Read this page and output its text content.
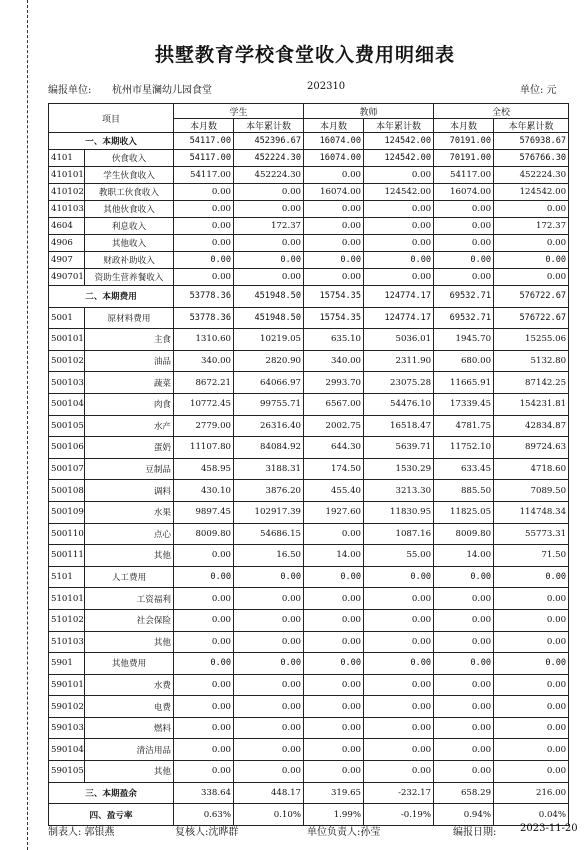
拱墅教育学校食堂收入费用明细表
编报单位: 杭州市星澜幼儿园食堂	202310	单位: 元
项目		学生		教师		全校	
		本月数	本年累计数	本月数	本年累计数	本月数	本年累计数
一、本期收入		54117.00	452396.67	16074.00	124542.00	70191.00	576938.67
4101	伙食收入	54117.00	452224.30	16074.00	124542.00	70191.00	576766.30
410101	学生伙食收入	54117.00	452224.30	0.00	0.00	54117.00	452224.30
410102	教职工伙食收入	0.00	0.00	16074.00	124542.00	16074.00	124542.00
410103	其他伙食收入	0.00	0.00	0.00	0.00	0.00	0.00
4604	利息收入	0.00	172.37	0.00	0.00	0.00	172.37
4906	其他收入	0.00	0.00	0.00	0.00	0.00	0.00
4907	财政补助收入	0.00	0.00	0.00	0.00	0.00	0.00
490701	资助生营养餐收入	0.00	0.00	0.00	0.00	0.00	0.00
二、本期费用		53778.36	451948.50	15754.35	124774.17	69532.71	576722.67
5001	原材料费用	53778.36	451948.50	15754.35	124774.17	69532.71	576722.67
500101	主食	1310.60	10219.05	635.10	5036.01	1945.70	15255.06
500102	油品	340.00	2820.90	340.00	2311.90	680.00	5132.80
500103	蔬菜	8672.21	64066.97	2993.70	23075.28	11665.91	87142.25
500104	肉食	10772.45	99755.71	6567.00	54476.10	17339.45	154231.81
500105	水产	2779.00	26316.40	2002.75	16518.47	4781.75	42834.87
500106	蛋奶	11107.80	84084.92	644.30	5639.71	11752.10	89724.63
500107	豆制品	458.95	3188.31	174.50	1530.29	633.45	4718.60
500108	调料	430.10	3876.20	455.40	3213.30	885.50	7089.50
500109	水果	9897.45	102917.39	1927.60	11830.95	11825.05	114748.34
500110	点心	8009.80	54686.15	0.00	1087.16	8009.80	55773.31
500111	其他	0.00	16.50	14.00	55.00	14.00	71.50
5101	人工费用	0.00	0.00	0.00	0.00	0.00	0.00
510101	工资福利	0.00	0.00	0.00	0.00	0.00	0.00
510102	社会保险	0.00	0.00	0.00	0.00	0.00	0.00
510103	其他	0.00	0.00	0.00	0.00	0.00	0.00
5901	其他费用	0.00	0.00	0.00	0.00	0.00	0.00
590101	水费	0.00	0.00	0.00	0.00	0.00	0.00
590102	电费	0.00	0.00	0.00	0.00	0.00	0.00
590103	燃料	0.00	0.00	0.00	0.00	0.00	0.00
590104	清洁用品	0.00	0.00	0.00	0.00	0.00	0.00
590105	其他	0.00	0.00	0.00	0.00	0.00	0.00
三、本期盈余		338.64	448.17	319.65	-232.17	658.29	216.00
四、盈亏率		0.63%	0.10%	1.99%	-0.19%	0.94%	0.04%
制表人: 郭银燕	复核人:沈晔群	单位负责人:孙莹	编报日期: 2023-11-20
